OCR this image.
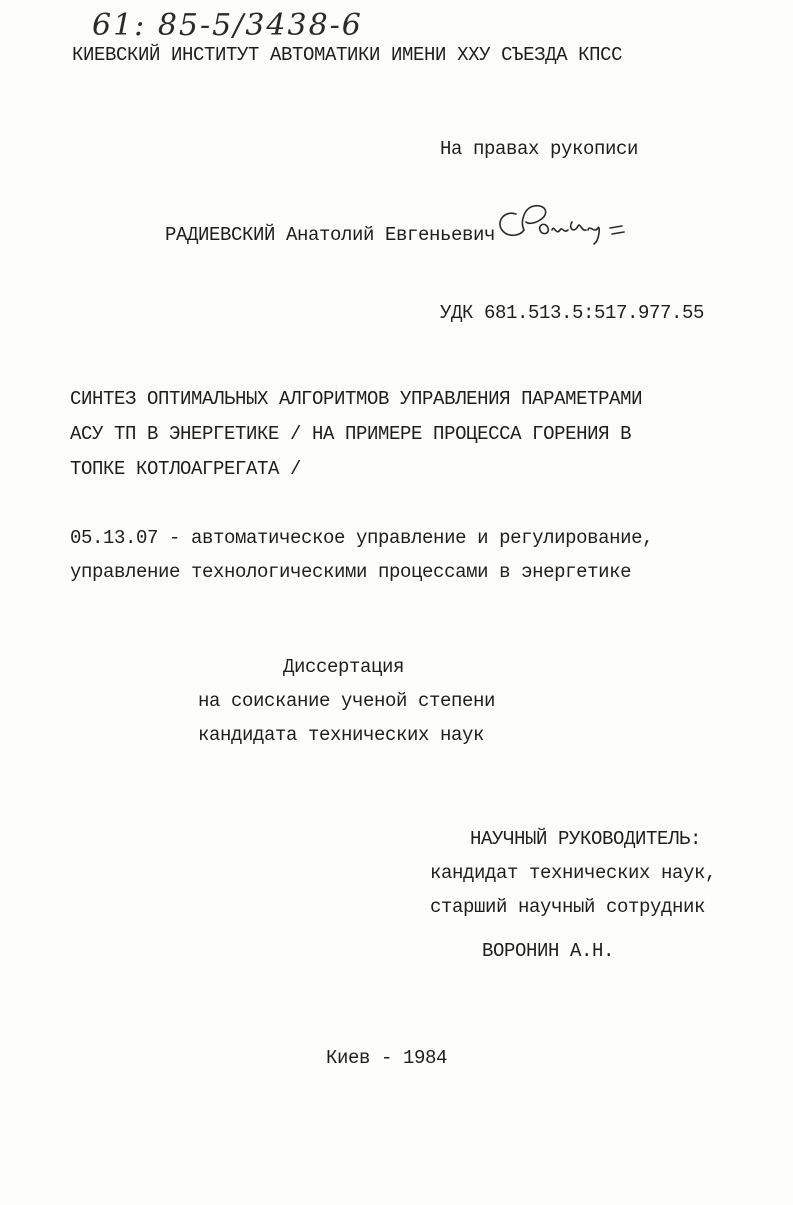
61: 85-5/3438-6
КИЕВСКИЙ ИНСТИТУТ АВТОМАТИКИ ИМЕНИ ХХУ СЪЕЗДА КПСС
На правах рукописи
РАДИЕВСКИЙ Анатолий Евгеньевич
УДК 681.513.5:517.977.55
СИНТЕЗ ОПТИМАЛЬНЫХ АЛГОРИТМОВ УПРАВЛЕНИЯ ПАРАМЕТРАМИ
АСУ ТП В ЭНЕРГЕТИКЕ / НА ПРИМЕРЕ ПРОЦЕССА ГОРЕНИЯ В
ТОПКЕ КОТЛОАГРЕГАТА /
05.13.07 - автоматическое управление и регулирование,
управление технологическими процессами в энергетике
Диссертация
на соискание ученой степени
кандидата технических наук
НАУЧНЫЙ РУКОВОДИТЕЛЬ:
кандидат технических наук,
старший научный сотрудник
ВОРОНИН А.Н.
Киев - 1984
